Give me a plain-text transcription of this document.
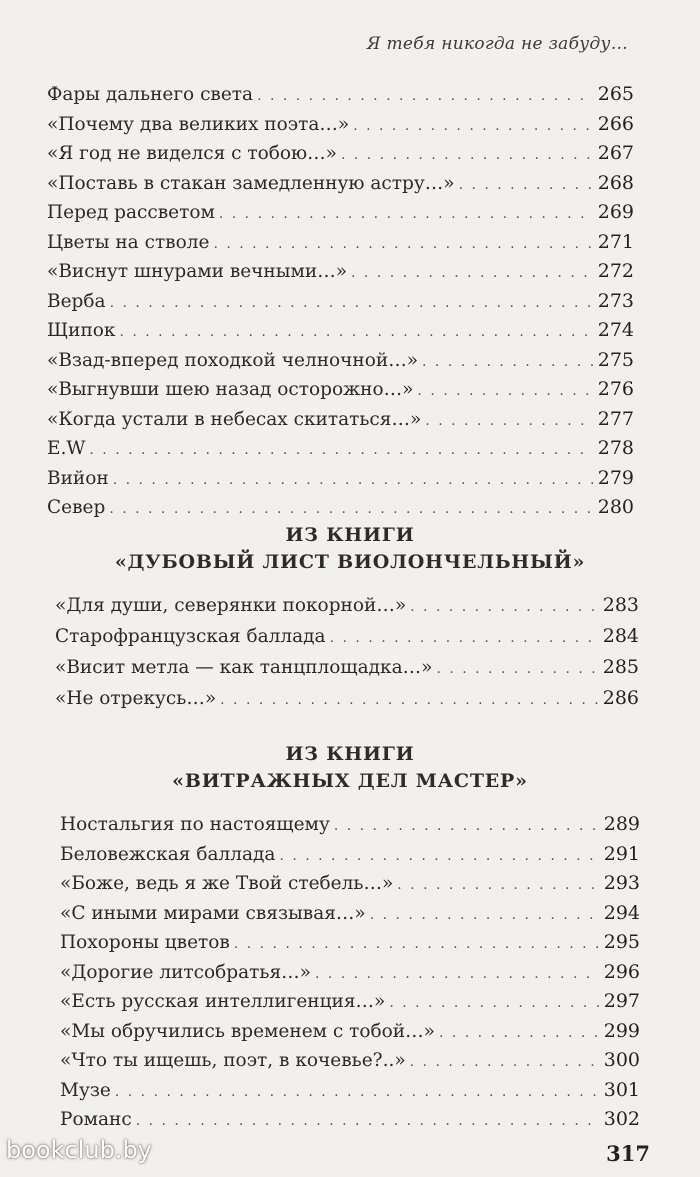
Я тебя никогда не забуду…
Фары дальнего света . . .	265
«Почему два великих поэта…» . . .	266
«Я год не виделся с тобою…» . . .	267
«Поставь в стакан замедленную астру…» . . .	268
Перед рассветом . . .	269
Цветы на стволе . . .	271
«Виснут шнурами вечными…» . . .	272
Верба . . .	273
Щипок . . .	274
«Взад-вперед походкой челночной…» . . .	275
«Выгнувши шею назад осторожно…» . . .	276
«Когда устали в небесах скитаться…» . . .	277
E.W . . .	278
Вийон . . .	279
Север . . .	280
ИЗ КНИГИ
«ДУБОВЫЙ ЛИСТ ВИОЛОНЧЕЛЬНЫЙ»
«Для души, северянки покорной…» . . .	283
Старофранцузская баллада . . .	284
«Висит метла — как танцплощадка…» . . .	285
«Не отрекусь…» . . .	286
ИЗ КНИГИ
«ВИТРАЖНЫХ ДЕЛ МАСТЕР»
Ностальгия по настоящему . . .	289
Беловежская баллада . . .	291
«Боже, ведь я же Твой стебель…» . . .	293
«С иными мирами связывая…» . . .	294
Похороны цветов . . .	295
«Дорогие литсобратья…» . . .	296
«Есть русская интеллигенция…» . . .	297
«Мы обручились временем с тобой…» . . .	299
«Что ты ищешь, поэт, в кочевье?..» . . .	300
Музе . . .	301
Романс . . .	302
317
bookclub.by
